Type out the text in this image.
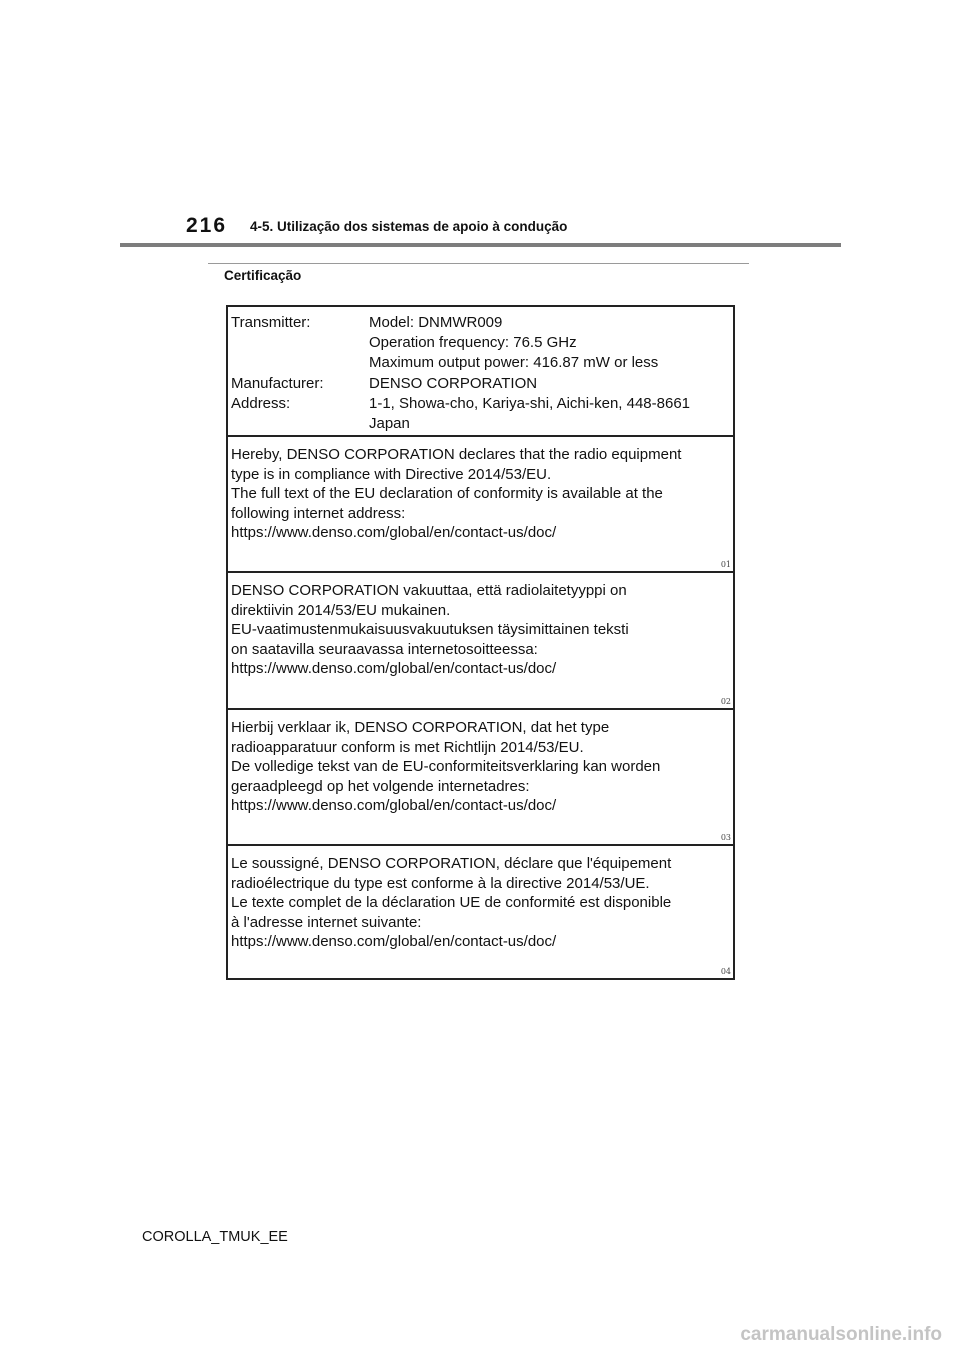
216 4-5. Utilização dos sistemas de apoio à condução
Certificação
Transmitter:	Model: DNMWR009
Operation frequency: 76.5 GHz
Maximum output power: 416.87 mW or less
Manufacturer:	DENSO CORPORATION
Address:	1-1, Showa-cho, Kariya-shi, Aichi-ken, 448-8661
Japan

Hereby, DENSO CORPORATION declares that the radio equipment
type is in compliance with Directive 2014/53/EU.
The full text of the EU declaration of conformity is available at the
following internet address:
https://www.denso.com/global/en/contact-us/doc/

01

DENSO CORPORATION vakuuttaa, että radiolaitetyyppi on
direktiivin 2014/53/EU mukainen.
EU-vaatimustenmukaisuusvakuutuksen täysimittainen teksti
on saatavilla seuraavassa internetosoitteessa:
https://www.denso.com/global/en/contact-us/doc/

02

Hierbij verklaar ik, DENSO CORPORATION, dat het type
radioapparatuur conform is met Richtlijn 2014/53/EU.
De volledige tekst van de EU-conformiteitsverklaring kan worden
geraadpleegd op het volgende internetadres:
https://www.denso.com/global/en/contact-us/doc/

03

Le soussigné, DENSO CORPORATION, déclare que l'équipement
radioélectrique du type est conforme à la directive 2014/53/UE.
Le texte complet de la déclaration UE de conformité est disponible
à l'adresse internet suivante:
https://www.denso.com/global/en/contact-us/doc/

04
COROLLA_TMUK_EE
carmanualsonline.info
